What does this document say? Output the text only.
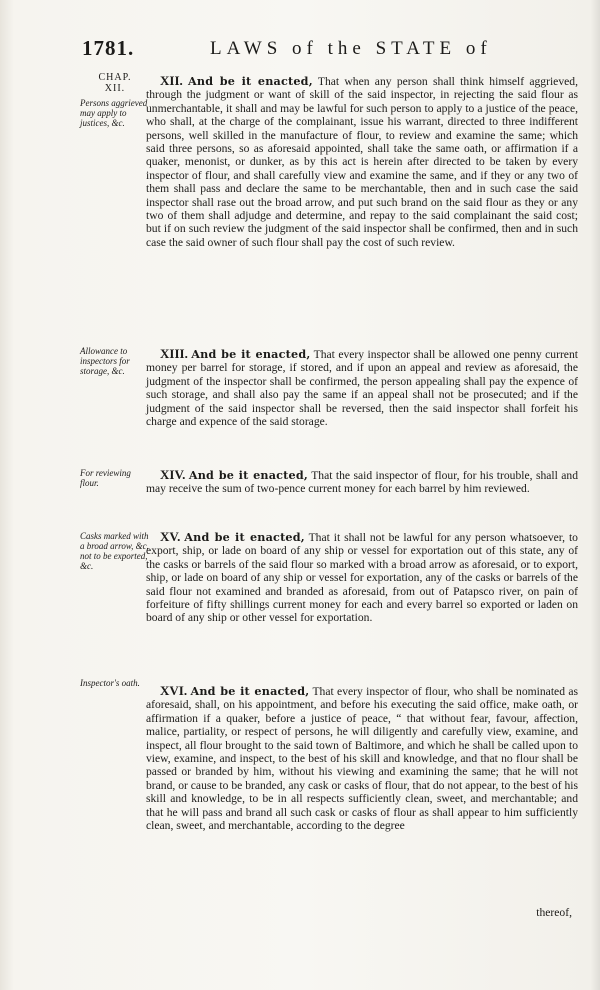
1781.	LAWS of the STATE of
CHAP.
XII.
Persons aggrieved may apply to justices, &c.
Allowance to inspectors for storage, &c.
For reviewing flour.
Casks marked with a broad arrow, &c. not to be exported, &c.
Inspector's oath.

XII. And be it enacted, That when any person shall think himself aggrieved, through the judgment or want of skill of the said inspector, in rejecting the said flour as unmerchantable, it shall and may be lawful for such person to apply to a justice of the peace, who shall, at the charge of the complainant, issue his warrant, directed to three indifferent persons, well skilled in the manufacture of flour, to review and examine the same; which said three persons, so as aforesaid appointed, shall take the same oath, or affirmation if a quaker, menonist, or dunker, as by this act is herein after directed to be taken by every inspector of flour, and shall carefully view and examine the same, and if they or any two of them shall pass and declare the same to be merchantable, then and in such case the said inspector shall rase out the broad arrow, and put such brand on the said flour as they or any two of them shall adjudge and determine, and repay to the said complainant the said cost; but if on such review the judgment of the said inspector shall be confirmed, then and in such case the said owner of such flour shall pay the cost of such review.

XIII. And be it enacted, That every inspector shall be allowed one penny current money per barrel for storage, if stored, and if upon an appeal and review as aforesaid, the judgment of the inspector shall be confirmed, the person appealing shall pay the expence of such storage, and shall also pay the same if an appeal shall not be prosecuted; and if the judgment of the said inspector shall be reversed, then the said inspector shall forfeit his charge and expence of the said storage.

XIV. And be it enacted, That the said inspector of flour, for his trouble, shall and may receive the sum of two-pence current money for each barrel by him reviewed.

XV. And be it enacted, That it shall not be lawful for any person whatsoever, to export, ship, or lade on board of any ship or vessel for exportation out of this state, any of the casks or barrels of the said flour so marked with a broad arrow as aforesaid, or to export, ship, or lade on board of any ship or vessel for exportation, any of the casks or barrels of the said flour not examined and branded as aforesaid, from out of Patapsco river, on pain of forfeiture of fifty shillings current money for each and every barrel so exported or laden on board of any ship or other vessel for exportation.

XVI. And be it enacted, That every inspector of flour, who shall be nominated as aforesaid, shall, on his appointment, and before his executing the said office, make oath, or affirmation if a quaker, before a justice of peace, “ that without fear, favour, affection, malice, partiality, or respect of persons, he will diligently and carefully view, examine, and inspect, all flour brought to the said town of Baltimore, and which he shall be called upon to view, examine, and inspect, to the best of his skill and knowledge, and that no flour shall be passed or branded by him, without his viewing and examining the same; that he will not brand, or cause to be branded, any cask or casks of flour, that do not appear, to the best of his skill and knowledge, to be in all respects sufficiently clean, sweet, and merchantable; and that he will pass and brand all such cask or casks of flour as shall appear to him sufficiently clean, sweet, and merchantable, according to the degree

thereof,
